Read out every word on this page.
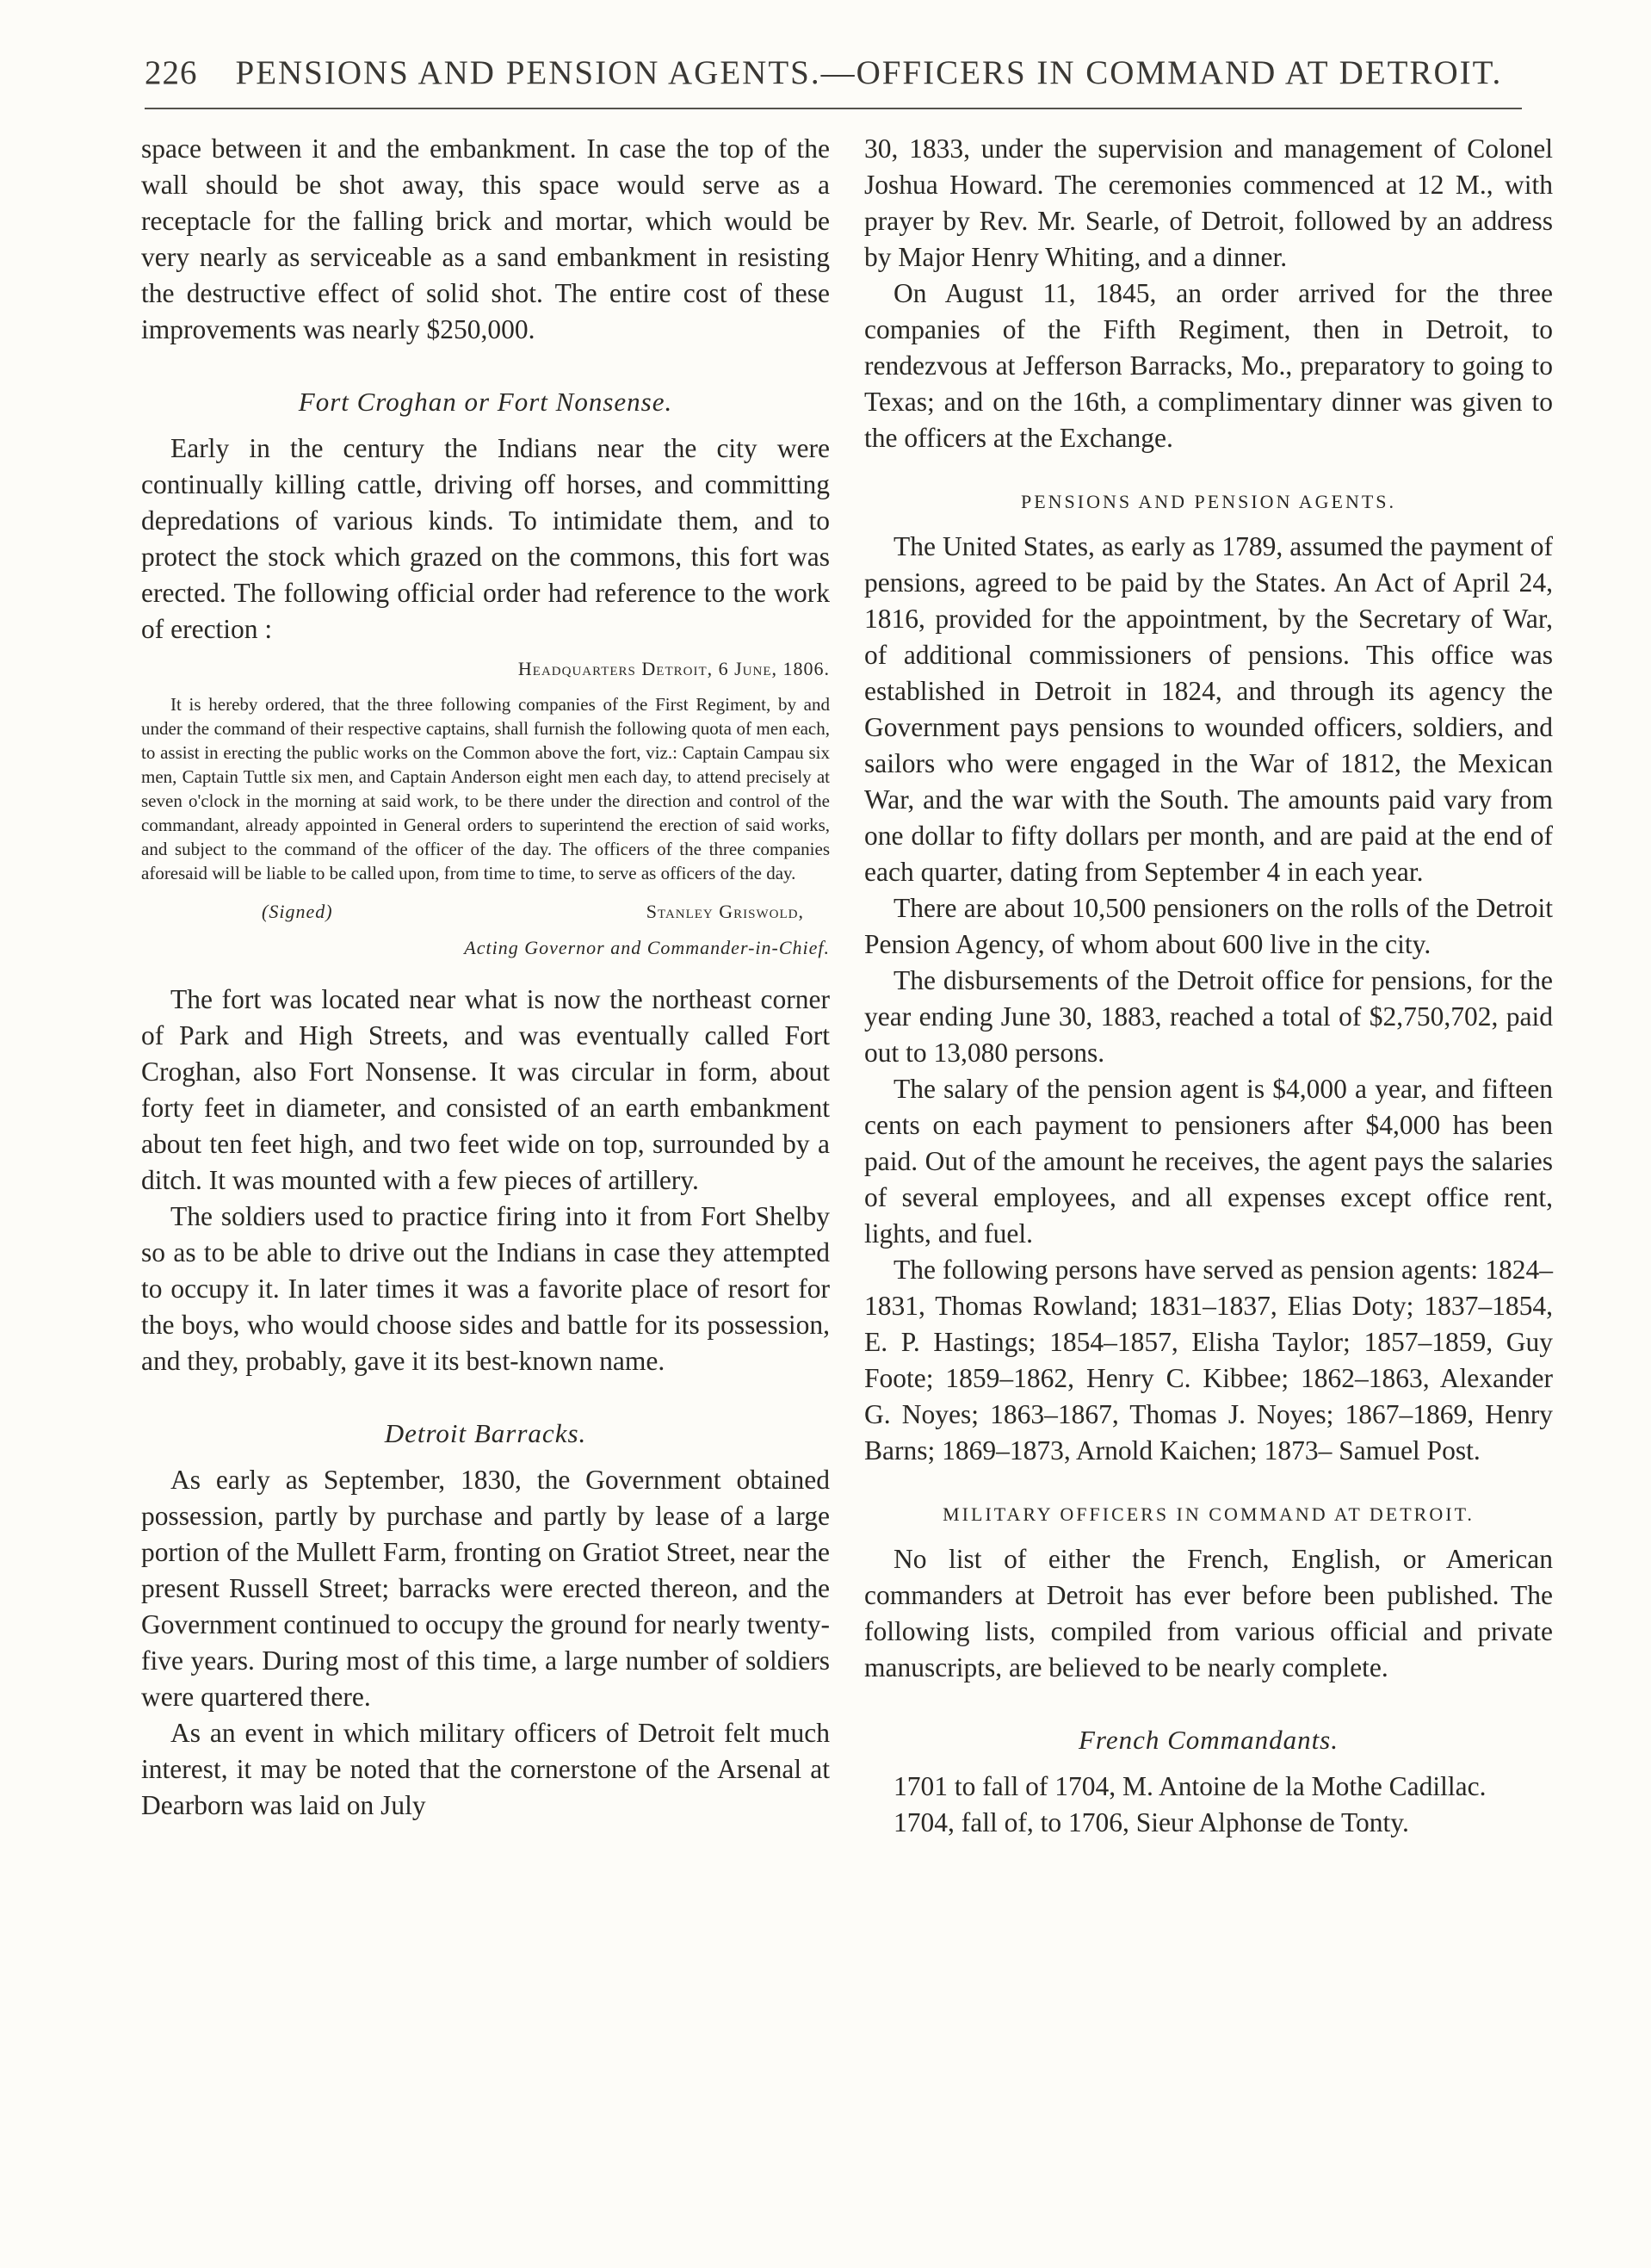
226 PENSIONS AND PENSION AGENTS.—OFFICERS IN COMMAND AT DETROIT.

space between it and the embankment. In case the top of the wall should be shot away, this space would serve as a receptacle for the falling brick and mortar, which would be very nearly as serviceable as a sand embankment in resisting the destructive effect of solid shot. The entire cost of these improvements was nearly $250,000.

Fort Croghan or Fort Nonsense.

Early in the century the Indians near the city were continually killing cattle, driving off horses, and committing depredations of various kinds. To intimidate them, and to protect the stock which grazed on the commons, this fort was erected. The following official order had reference to the work of erection :

Headquarters Detroit, 6 June, 1806.

It is hereby ordered, that the three following companies of the First Regiment, by and under the command of their respective captains, shall furnish the following quota of men each, to assist in erecting the public works on the Common above the fort, viz.: Captain Campau six men, Captain Tuttle six men, and Captain Anderson eight men each day, to attend precisely at seven o'clock in the morning at said work, to be there under the direction and control of the commandant, already appointed in General orders to superintend the erection of said works, and subject to the command of the officer of the day. The officers of the three companies aforesaid will be liable to be called upon, from time to time, to serve as officers of the day.

(Signed)	Stanley Griswold,
Acting Governor and Commander-in-Chief.

The fort was located near what is now the northeast corner of Park and High Streets, and was eventually called Fort Croghan, also Fort Nonsense. It was circular in form, about forty feet in diameter, and consisted of an earth embankment about ten feet high, and two feet wide on top, surrounded by a ditch. It was mounted with a few pieces of artillery.

The soldiers used to practice firing into it from Fort Shelby so as to be able to drive out the Indians in case they attempted to occupy it. In later times it was a favorite place of resort for the boys, who would choose sides and battle for its possession, and they, probably, gave it its best-known name.

Detroit Barracks.

As early as September, 1830, the Government obtained possession, partly by purchase and partly by lease of a large portion of the Mullett Farm, fronting on Gratiot Street, near the present Russell Street; barracks were erected thereon, and the Government continued to occupy the ground for nearly twenty-five years. During most of this time, a large number of soldiers were quartered there.

As an event in which military officers of Detroit felt much interest, it may be noted that the cornerstone of the Arsenal at Dearborn was laid on July

30, 1833, under the supervision and management of Colonel Joshua Howard. The ceremonies commenced at 12 M., with prayer by Rev. Mr. Searle, of Detroit, followed by an address by Major Henry Whiting, and a dinner.

On August 11, 1845, an order arrived for the three companies of the Fifth Regiment, then in Detroit, to rendezvous at Jefferson Barracks, Mo., preparatory to going to Texas; and on the 16th, a complimentary dinner was given to the officers at the Exchange.

PENSIONS AND PENSION AGENTS.

The United States, as early as 1789, assumed the payment of pensions, agreed to be paid by the States. An Act of April 24, 1816, provided for the appointment, by the Secretary of War, of additional commissioners of pensions. This office was established in Detroit in 1824, and through its agency the Government pays pensions to wounded officers, soldiers, and sailors who were engaged in the War of 1812, the Mexican War, and the war with the South. The amounts paid vary from one dollar to fifty dollars per month, and are paid at the end of each quarter, dating from September 4 in each year.

There are about 10,500 pensioners on the rolls of the Detroit Pension Agency, of whom about 600 live in the city.

The disbursements of the Detroit office for pensions, for the year ending June 30, 1883, reached a total of $2,750,702, paid out to 13,080 persons.

The salary of the pension agent is $4,000 a year, and fifteen cents on each payment to pensioners after $4,000 has been paid. Out of the amount he receives, the agent pays the salaries of several employees, and all expenses except office rent, lights, and fuel.

The following persons have served as pension agents: 1824–1831, Thomas Rowland; 1831–1837, Elias Doty; 1837–1854, E. P. Hastings; 1854–1857, Elisha Taylor; 1857–1859, Guy Foote; 1859–1862, Henry C. Kibbee; 1862–1863, Alexander G. Noyes; 1863–1867, Thomas J. Noyes; 1867–1869, Henry Barns; 1869–1873, Arnold Kaichen; 1873– Samuel Post.

MILITARY OFFICERS IN COMMAND AT DETROIT.

No list of either the French, English, or American commanders at Detroit has ever before been published. The following lists, compiled from various official and private manuscripts, are believed to be nearly complete.

French Commandants.

1701 to fall of 1704, M. Antoine de la Mothe Cadillac.

1704, fall of, to 1706, Sieur Alphonse de Tonty.
